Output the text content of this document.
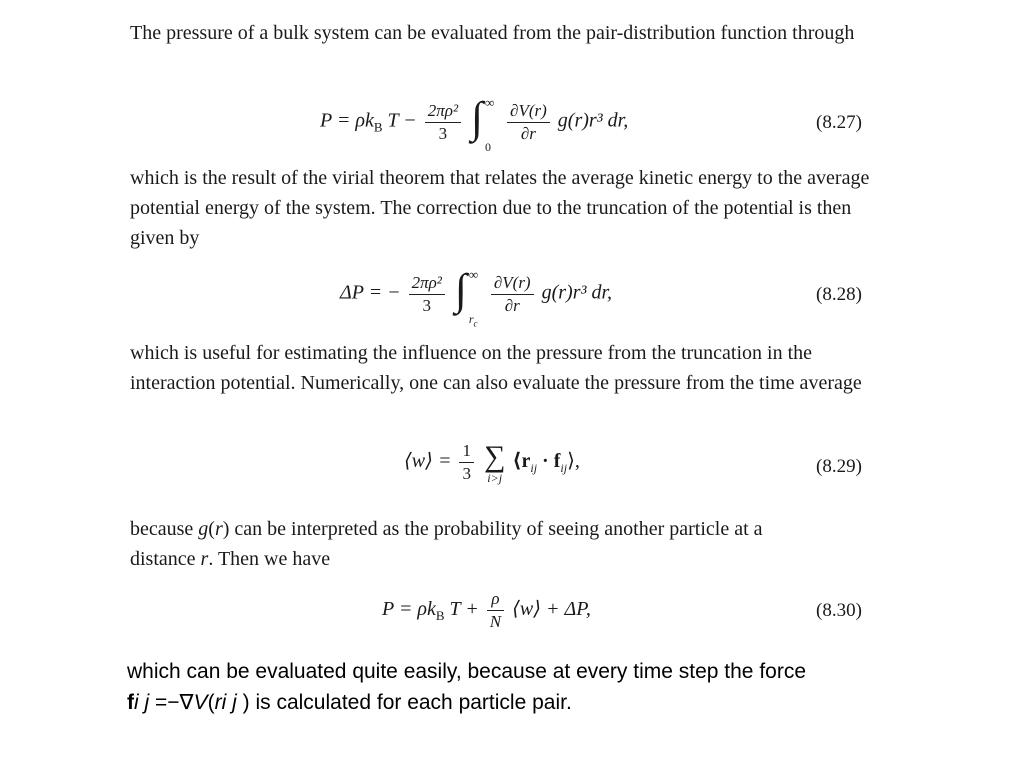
The pressure of a bulk system can be evaluated from the pair-distribution function through
$P = \rho k_B$ $T - \frac{\text{2πρ²}}{3}$
∫ ∞
0

$\frac{\partial V(r)}{\partial r} g(r)r^3$ dr,	(8.27)
which is the result of the virial theorem that relates the average kinetic energy to the average potential energy of the system. The correction due to the truncation of the potential is then given by
ΔP = − $\frac{\text{2πρ²}}{3}$
∫ ∞
$r_c$

$\frac{\partial V(r)}{\partial r} g(r)r^3$ dr,	(8.28)
which is useful for estimating the influence on the pressure from the truncation in the interaction potential. Numerically, one can also evaluate the pressure from the time average
⟨w⟩ = $\frac{1}{3}$
∑
i>j
$⟨r_{ij}$ · $f_{ij}⟩$,	(8.29)
because g(r) can be interpreted as the probability of seeing another particle at a
distance r. Then we have
$P = \rho k_B$ $T + \frac{\rho}{N}$ ⟨w⟩ + ΔP,	(8.30)
which can be evaluated quite easily, because at every time step the force
fi j =−∇V(ri j ) is calculated for each particle pair.
